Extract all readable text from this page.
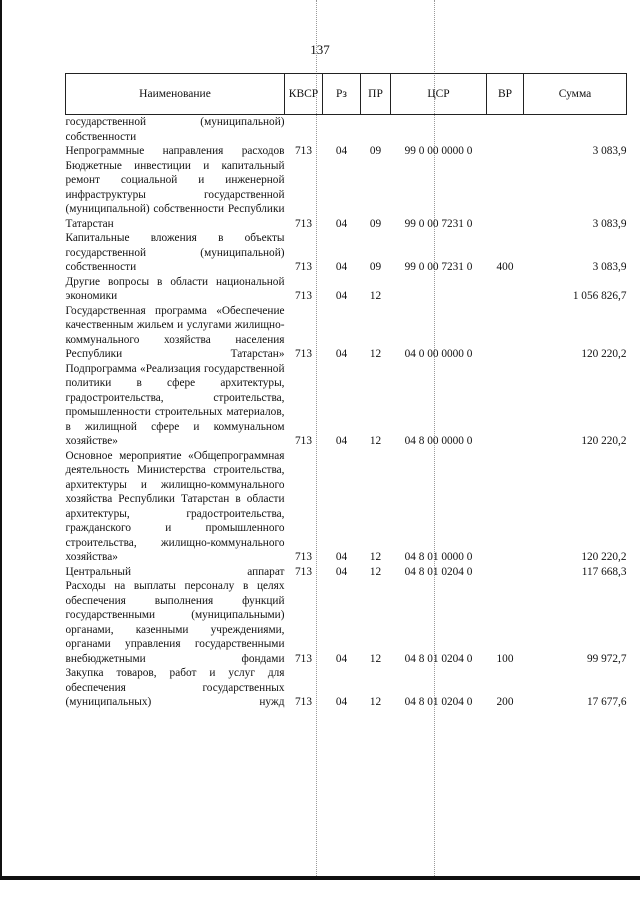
137
Наименование	КВСР	Рз	ПР	ЦСР	ВР	Сумма
государственной (муниципальной) собственности						
Непрограммные направления расходов	713	04	09	99 0 00 0000 0		3 083,9
Бюджетные инвестиции и капитальный ремонт социальной и инженерной инфраструктуры государственной (муниципальной) собственности Республики Татарстан	713	04	09	99 0 00 7231 0		3 083,9
Капитальные вложения в объекты государственной (муниципальной) собственности	713	04	09	99 0 00 7231 0	400	3 083,9
Другие вопросы в области национальной экономики	713	04	12			1 056 826,7
Государственная программа «Обеспечение качественным жильем и услугами жилищно-коммунального хозяйства населения Республики Татарстан»	713	04	12	04 0 00 0000 0		120 220,2
Подпрограмма «Реализация государственной политики в сфере архитектуры, градостроительства, строительства, промышленности строительных материалов, в жилищной сфере и коммунальном хозяйстве»	713	04	12	04 8 00 0000 0		120 220,2
Основное мероприятие «Общепрограммная деятельность Министерства строительства, архитектуры и жилищно-коммунального хозяйства Республики Татарстан в области архитектуры, градостроительства, гражданского и промышленного строительства, жилищно-коммунального хозяйства»	713	04	12	04 8 01 0000 0		120 220,2
Центральный аппарат	713	04	12	04 8 01 0204 0		117 668,3
Расходы на выплаты персоналу в целях обеспечения выполнения функций государственными (муниципальными) органами, казенными учреждениями, органами управления государственными внебюджетными фондами	713	04	12	04 8 01 0204 0	100	99 972,7
Закупка товаров, работ и услуг для обеспечения государственных (муниципальных) нужд	713	04	12	04 8 01 0204 0	200	17 677,6
